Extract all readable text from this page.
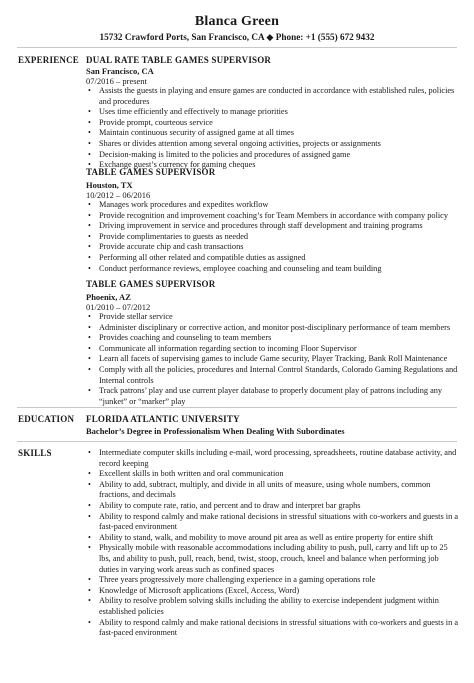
Blanca Green
15732 Crawford Ports, San Francisco, CA ◆ Phone: +1 (555) 672 9432
EXPERIENCE DUAL RATE TABLE GAMES SUPERVISOR
San Francisco, CA
07/2016 – present
• Assists the guests in playing and ensure games are conducted in accordance with established rules, policies and procedures
• Uses time efficiently and effectively to manage priorities
• Provide prompt, courteous service
• Maintain continuous security of assigned game at all times
• Shares or divides attention among several ongoing activities, projects or assignments
• Decision-making is limited to the policies and procedures of assigned game
• Exchange guest’s currency for gaming cheques
TABLE GAMES SUPERVISOR
Houston, TX
10/2012 – 06/2016
• Manages work procedures and expedites workflow
• Provide recognition and improvement coaching’s for Team Members in accordance with company policy
• Driving improvement in service and procedures through staff development and training programs
• Provide complimentaries to guests as needed
• Provide accurate chip and cash transactions
• Performing all other related and compatible duties as assigned
• Conduct performance reviews, employee coaching and counseling and team building
TABLE GAMES SUPERVISOR
Phoenix, AZ
01/2010 – 07/2012
• Provide stellar service
• Administer disciplinary or corrective action, and monitor post-disciplinary performance of team members
• Provides coaching and counseling to team members
• Communicate all information regarding section to incoming Floor Supervisor
• Learn all facets of supervising games to include Game security, Player Tracking, Bank Roll Maintenance
• Comply with all the policies, procedures and Internal Control Standards, Colorado Gaming Regulations and Internal controls
• Track patrons’ play and use current player database to properly document play of patrons including any “junket” or “marker” play
EDUCATION FLORIDA ATLANTIC UNIVERSITY
Bachelor’s Degree in Professionalism When Dealing With Subordinates
SKILLS
•	Intermediate computer skills including e-mail, word processing, spreadsheets, routine database activity, and record keeping
• Excellent skills in both written and oral communication
• Ability to add, subtract, multiply, and divide in all units of measure, using whole numbers, common fractions, and decimals
• Ability to compute rate, ratio, and percent and to draw and interpret bar graphs
• Ability to respond calmly and make rational decisions in stressful situations with co-workers and guests in a fast-paced environment
• Ability to stand, walk, and mobility to move around pit area as well as entire property for entire shift
• Physically mobile with reasonable accommodations including ability to push, pull, carry and lift up to 25 lbs, and ability to push, pull, reach, bend, twist, stoop, crouch, kneel and balance when performing job duties in varying work areas such as confined spaces
• Three years progressively more challenging experience in a gaming operations role
• Knowledge of Microsoft applications (Excel, Access, Word)
• Ability to resolve problem solving skills including the ability to exercise independent judgment within established policies
• Ability to respond calmly and make rational decisions in stressful situations with co-workers and guests in a fast-paced environment
